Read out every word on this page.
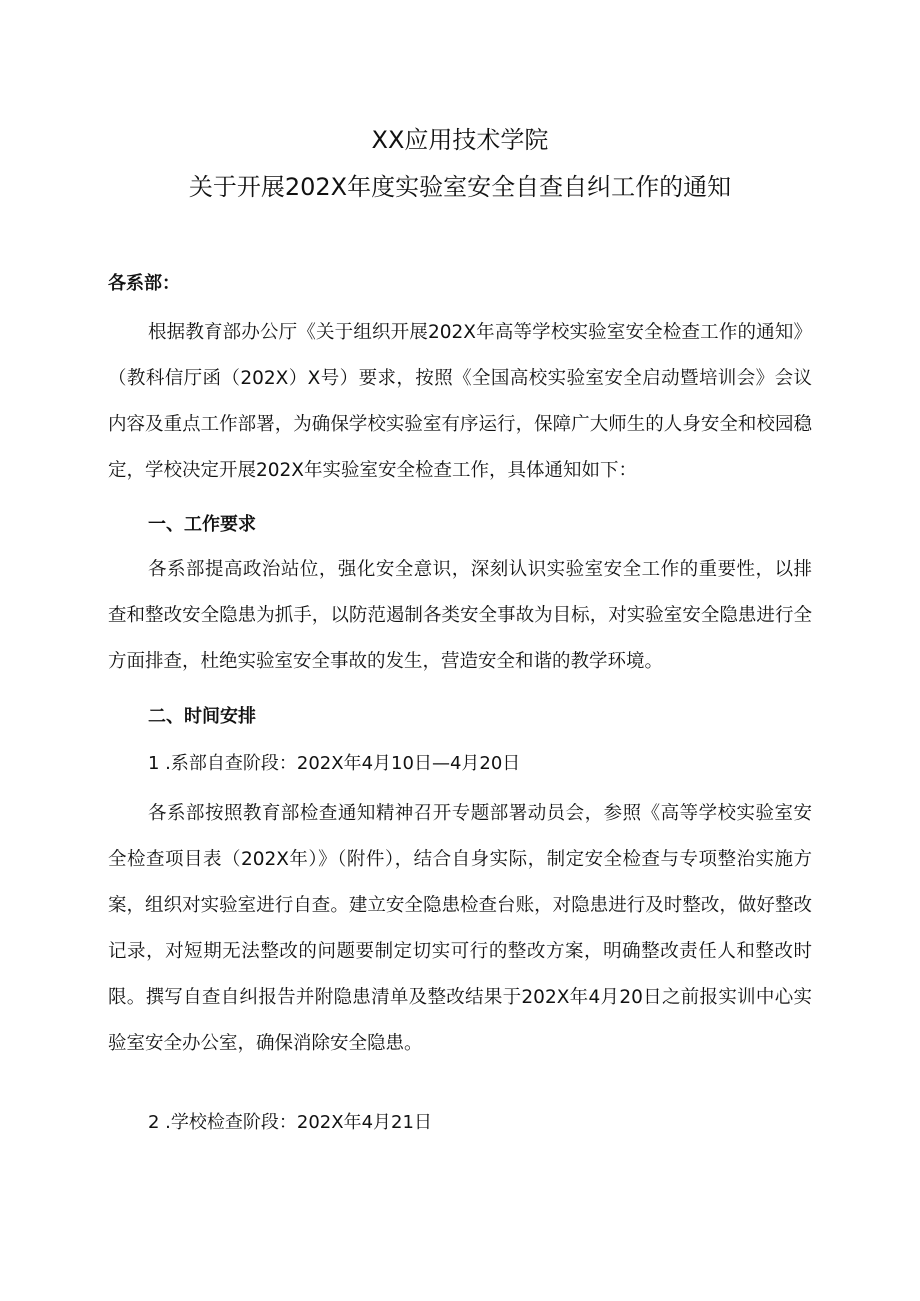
XX应用技术学院
关于开展202X年度实验室安全自查自纠工作的通知
各系部：
根据教育部办公厅《关于组织开展202X年高等学校实验室安全检查工作的通知》（教科信厅函（202X）X号）要求，按照《全国高校实验室安全启动暨培训会》会议内容及重点工作部署，为确保学校实验室有序运行，保障广大师生的人身安全和校园稳定，学校决定开展202X年实验室安全检查工作，具体通知如下：
一、工作要求
各系部提高政治站位，强化安全意识，深刻认识实验室安全工作的重要性，以排查和整改安全隐患为抓手，以防范遏制各类安全事故为目标，对实验室安全隐患进行全方面排查，杜绝实验室安全事故的发生，营造安全和谐的教学环境。
二、时间安排
1 .系部自查阶段：202X年4月10日—4月20日
各系部按照教育部检查通知精神召开专题部署动员会，参照《高等学校实验室安全检查项目表（202X年）》（附件），结合自身实际，制定安全检查与专项整治实施方案，组织对实验室进行自查。建立安全隐患检查台账，对隐患进行及时整改，做好整改记录，对短期无法整改的问题要制定切实可行的整改方案，明确整改责任人和整改时限。撰写自查自纠报告并附隐患清单及整改结果于202X年4月20日之前报实训中心实验室安全办公室，确保消除安全隐患。
2 .学校检查阶段：202X年4月21日
